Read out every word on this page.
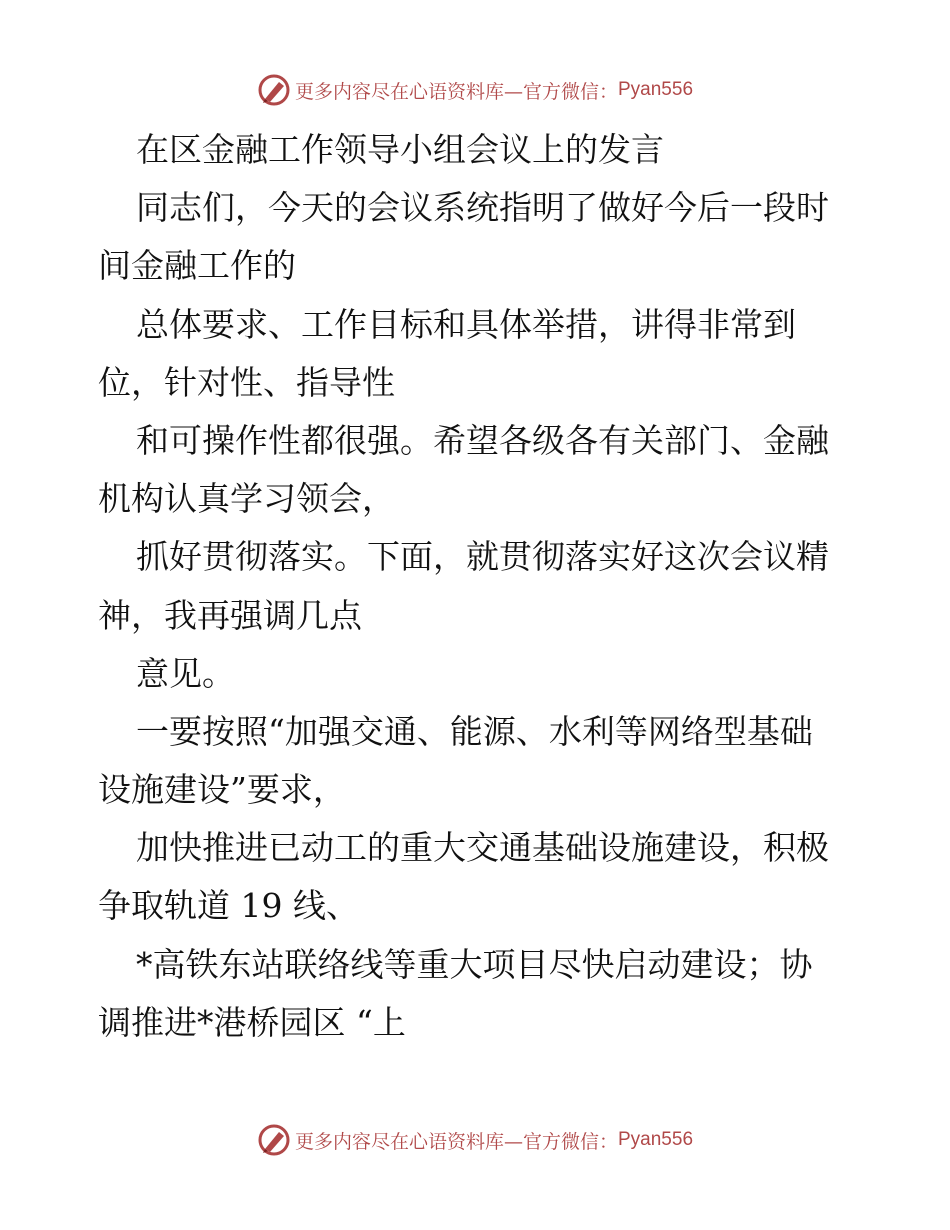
更多内容尽在心语资料库—官方微信： Pyan556
在区金融工作领导小组会议上的发言
同志们，今天的会议系统指明了做好今后一段时
间金融工作的
总体要求、工作目标和具体举措，讲得非常到
位，针对性、指导性
和可操作性都很强。希望各级各有关部门、金融
机构认真学习领会，
抓好贯彻落实。下面，就贯彻落实好这次会议精
神，我再强调几点
意见。
一要按照“加强交通、能源、水利等网络型基础
设施建设”要求，
加快推进已动工的重大交通基础设施建设，积极
争取轨道 19 线、
*高铁东站联络线等重大项目尽快启动建设；协
调推进*港桥园区 “上
更多内容尽在心语资料库—官方微信： Pyan556
